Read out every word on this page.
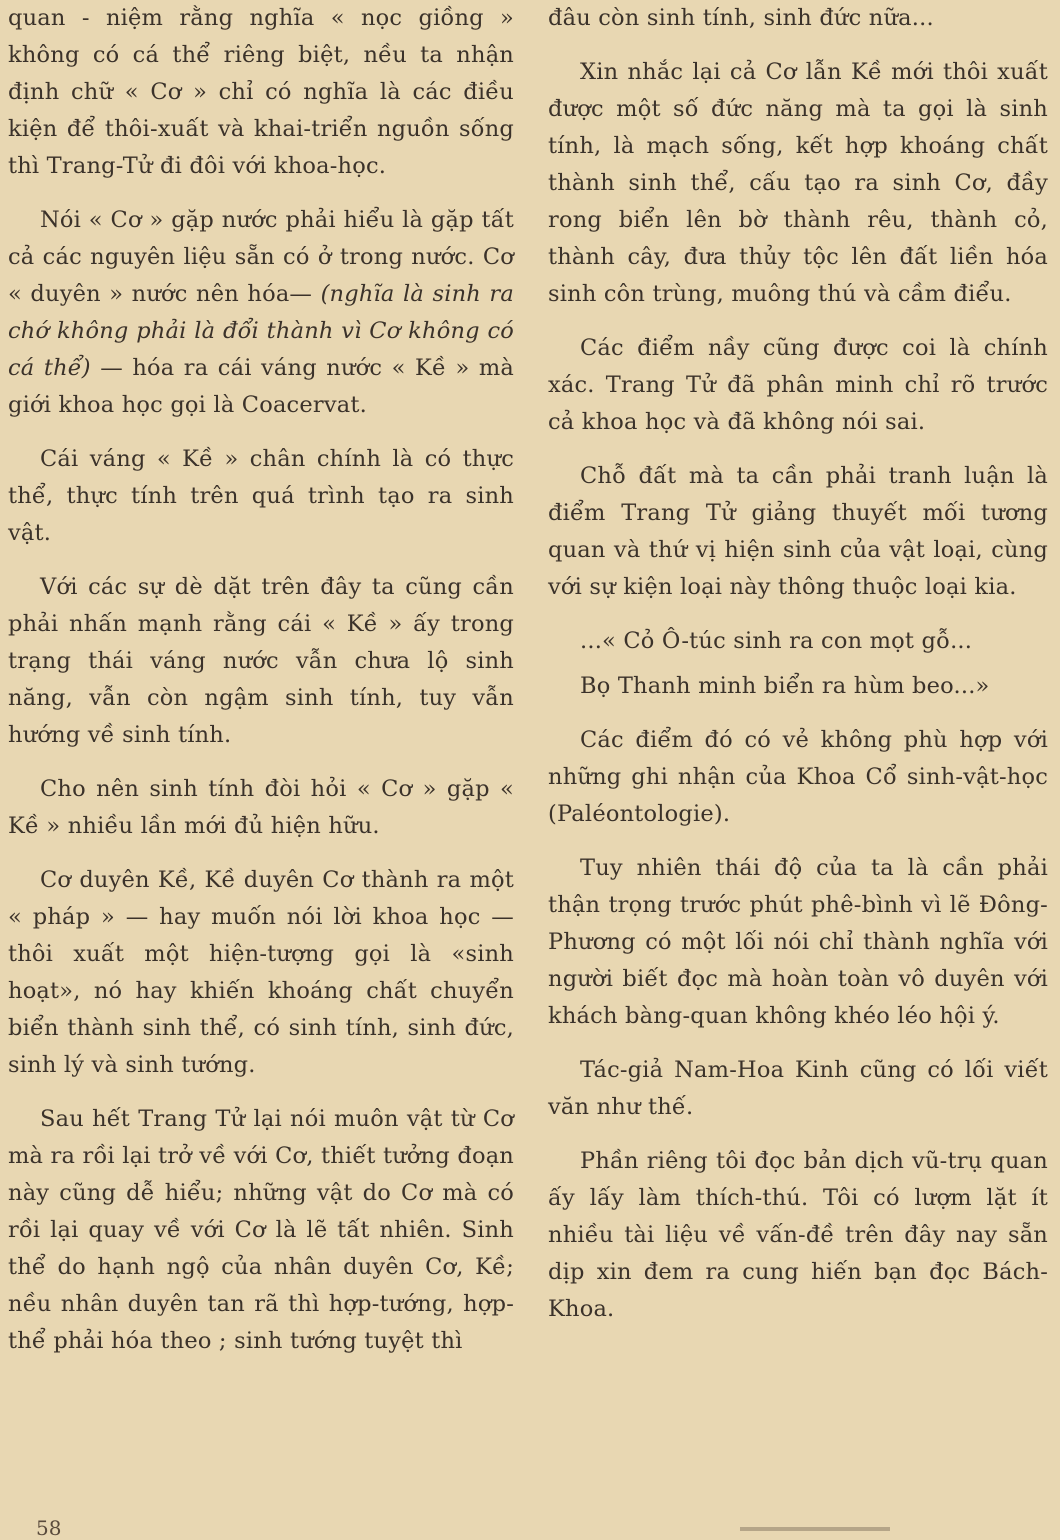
quan - niệm rằng nghĩa « nọc giồng » không có cá thể riêng biệt, nều ta nhận định chữ « Cơ » chỉ có nghĩa là các điều kiện để thôi-xuất và khai-triển nguồn sống thì Trang-Tử đi đôi với khoa-học.

Nói « Cơ » gặp nước phải hiểu là gặp tất cả các nguyên liệu sẵn có ở trong nước. Cơ « duyên » nước nên hóa— (nghĩa là sinh ra chớ không phải là đổi thành vì Cơ không có cá thể) — hóa ra cái váng nước « Kề » mà giới khoa học gọi là Coacervat.

Cái váng « Kề » chân chính là có thực thể, thực tính trên quá trình tạo ra sinh vật.

Với các sự dè dặt trên đây ta cũng cần phải nhấn mạnh rằng cái « Kề » ấy trong trạng thái váng nước vẫn chưa lộ sinh năng, vẫn còn ngậm sinh tính, tuy vẫn hướng về sinh tính.

Cho nên sinh tính đòi hỏi « Cơ » gặp « Kề » nhiều lần mới đủ hiện hữu.

Cơ duyên Kề, Kề duyên Cơ thành ra một « pháp » — hay muốn nói lời khoa học — thôi xuất một hiện-tượng gọi là «sinh hoạt», nó hay khiến khoáng chất chuyển biển thành sinh thể, có sinh tính, sinh đức, sinh lý và sinh tướng.

Sau hết Trang Tử lại nói muôn vật từ Cơ mà ra rồi lại trở về với Cơ, thiết tưởng đoạn này cũng dễ hiểu; những vật do Cơ mà có rồi lại quay về với Cơ là lẽ tất nhiên. Sinh thể do hạnh ngộ của nhân duyên Cơ, Kề; nều nhân duyên tan rã thì hợp-tướng, hợp-thể phải hóa theo ; sinh tướng tuyệt thì

đâu còn sinh tính, sinh đức nữa...

Xin nhắc lại cả Cơ lẫn Kề mới thôi xuất được một số đức năng mà ta gọi là sinh tính, là mạch sống, kết hợp khoáng chất thành sinh thể, cấu tạo ra sinh Cơ, đầy rong biển lên bờ thành rêu, thành cỏ, thành cây, đưa thủy tộc lên đất liền hóa sinh côn trùng, muông thú và cầm điểu.

Các điểm nầy cũng được coi là chính xác. Trang Tử đã phân minh chỉ rõ trước cả khoa học và đã không nói sai.

Chỗ đất mà ta cần phải tranh luận là điểm Trang Tử giảng thuyết mối tương quan và thứ vị hiện sinh của vật loại, cùng với sự kiện loại này thông thuộc loại kia.

...« Cỏ Ô-túc sinh ra con mọt gỗ...

Bọ Thanh minh biển ra hùm beo...»

Các điểm đó có vẻ không phù hợp với những ghi nhận của Khoa Cổ sinh-vật-học (Paléontologie).

Tuy nhiên thái độ của ta là cần phải thận trọng trước phút phê-bình vì lẽ Đông-Phương có một lối nói chỉ thành nghĩa với người biết đọc mà hoàn toàn vô duyên với khách bàng-quan không khéo léo hội ý.

Tác-giả Nam-Hoa Kinh cũng có lối viết văn như thế.

Phần riêng tôi đọc bản dịch vũ-trụ quan ấy lấy làm thích-thú. Tôi có lượm lặt ít nhiều tài liệu về vấn-đề trên đây nay sẵn dịp xin đem ra cung hiến bạn đọc Bách-Khoa.

58
